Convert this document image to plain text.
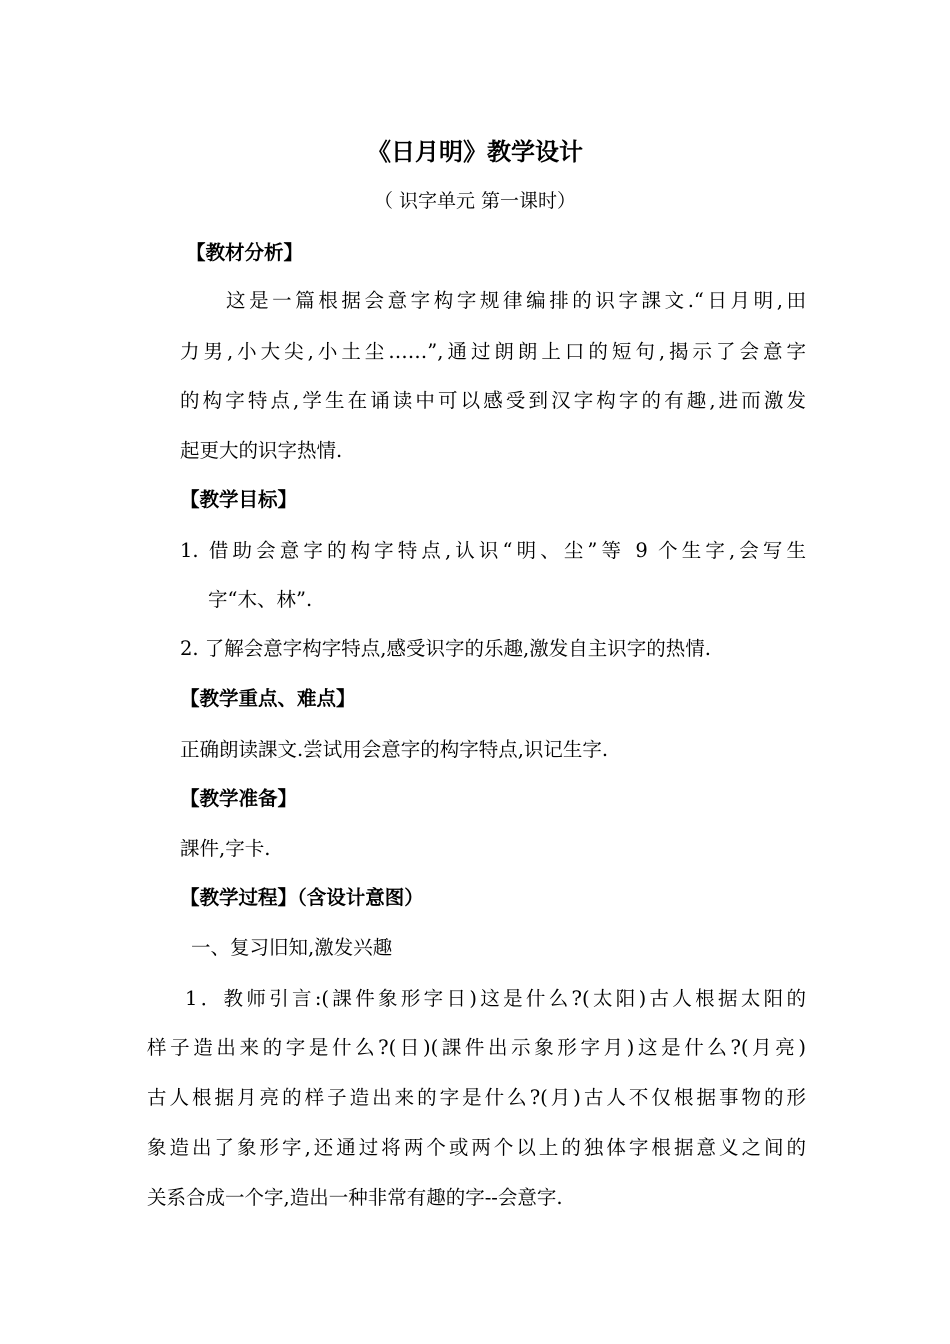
《日月明》教学设计
（ 识字单元 第一课时）
【教材分析】
这是一篇根据会意字构字规律编排的识字課文.“日月明,田
力男,小大尖,小土尘……”,通过朗朗上口的短句,揭示了会意字
的构字特点,学生在诵读中可以感受到汉字构字的有趣,进而激发
起更大的识字热情.
【教学目标】
1. 借助会意字的构字特点,认识“明、尘”等 9 个生字,会写生
字“木、林”.
2. 了解会意字构字特点,感受识字的乐趣,激发自主识字的热情.
【教学重点、难点】
正确朗读課文.尝试用会意字的构字特点,识记生字.
【教学准备】
課件,字卡.
【教学过程】（含设计意图）
一、复习旧知,激发兴趣
1．教师引言:(課件象形字日)这是什么?(太阳)古人根据太阳的
样子造出来的字是什么?(日)(課件出示象形字月)这是什么?(月亮)
古人根据月亮的样子造出来的字是什么?(月)古人不仅根据事物的形
象造出了象形字,还通过将两个或两个以上的独体字根据意义之间的
关系合成一个字,造出一种非常有趣的字--会意字.
